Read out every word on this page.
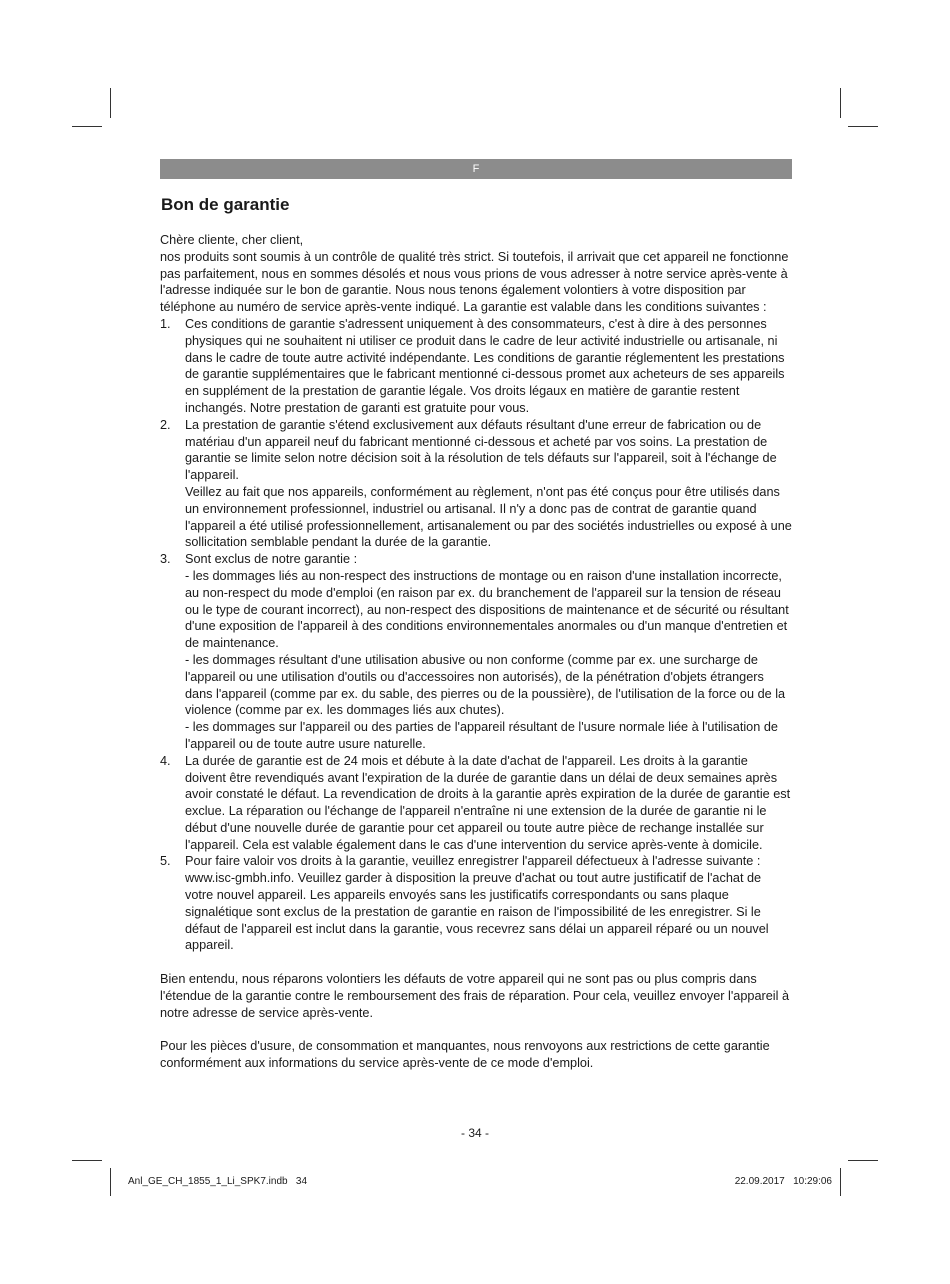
F
Bon de garantie

Chère cliente, cher client,

nos produits sont soumis à un contrôle de qualité très strict. Si toutefois, il arrivait que cet appareil ne fonctionne pas parfaitement, nous en sommes désolés et nous vous prions de vous adresser à notre service après-vente à l'adresse indiquée sur le bon de garantie. Nous nous tenons également volontiers à votre disposition par téléphone au numéro de service après-vente indiqué. La garantie est valable dans les conditions suivantes :

1. Ces conditions de garantie s'adressent uniquement à des consommateurs, c'est à dire à des personnes physiques qui ne souhaitent ni utiliser ce produit dans le cadre de leur activité industrielle ou artisanale, ni dans le cadre de toute autre activité indépendante. Les conditions de garantie réglementent les prestations de garantie supplémentaires que le fabricant mentionné ci-dessous promet aux acheteurs de ses appareils en supplément de la prestation de garantie légale. Vos droits légaux en matière de garantie restent inchangés. Notre prestation de garanti est gratuite pour vous.

2. La prestation de garantie s'étend exclusivement aux défauts résultant d'une erreur de fabrication ou de matériau d'un appareil neuf du fabricant mentionné ci-dessous et acheté par vos soins. La prestation de garantie se limite selon notre décision soit à la résolution de tels défauts sur l'appareil, soit à l'échange de l'appareil.

Veillez au fait que nos appareils, conformément au règlement, n'ont pas été conçus pour être utilisés dans un environnement professionnel, industriel ou artisanal. Il n'y a donc pas de contrat de garantie quand l'appareil a été utilisé professionnellement, artisanalement ou par des sociétés industrielles ou exposé à une sollicitation semblable pendant la durée de la garantie.

3. Sont exclus de notre garantie :

- les dommages liés au non-respect des instructions de montage ou en raison d'une installation incorrecte, au non-respect du mode d'emploi (en raison par ex. du branchement de l'appareil sur la tension de réseau ou le type de courant incorrect), au non-respect des dispositions de maintenance et de sécurité ou résultant d'une exposition de l'appareil à des conditions environnementales anormales ou d'un manque d'entretien et de maintenance.

- les dommages résultant d'une utilisation abusive ou non conforme (comme par ex. une surcharge de l'appareil ou une utilisation d'outils ou d'accessoires non autorisés), de la pénétration d'objets étrangers dans l'appareil (comme par ex. du sable, des pierres ou de la poussière), de l'utilisation de la force ou de la violence (comme par ex. les dommages liés aux chutes).

- les dommages sur l'appareil ou des parties de l'appareil résultant de l'usure normale liée à l'utilisation de l'appareil ou de toute autre usure naturelle.

4. La durée de garantie est de 24 mois et débute à la date d'achat de l'appareil. Les droits à la garantie doivent être revendiqués avant l'expiration de la durée de garantie dans un délai de deux semaines après avoir constaté le défaut. La revendication de droits à la garantie après expiration de la durée de garantie est exclue. La réparation ou l'échange de l'appareil n'entraîne ni une extension de la durée de garantie ni le début d'une nouvelle durée de garantie pour cet appareil ou toute autre pièce de rechange installée sur l'appareil. Cela est valable également dans le cas d'une intervention du service après-vente à domicile.

5. Pour faire valoir vos droits à la garantie, veuillez enregistrer l'appareil défectueux à l'adresse suivante : www.isc-gmbh.info. Veuillez garder à disposition la preuve d'achat ou tout autre justificatif de l'achat de votre nouvel appareil. Les appareils envoyés sans les justificatifs correspondants ou sans plaque signalétique sont exclus de la prestation de garantie en raison de l'impossibilité de les enregistrer. Si le défaut de l'appareil est inclut dans la garantie, vous recevrez sans délai un appareil réparé ou un nouvel appareil.

Bien entendu, nous réparons volontiers les défauts de votre appareil qui ne sont pas ou plus compris dans l'étendue de la garantie contre le remboursement des frais de réparation. Pour cela, veuillez envoyer l'appareil à notre adresse de service après-vente.

Pour les pièces d'usure, de consommation et manquantes, nous renvoyons aux restrictions de cette garantie conformément aux informations du service après-vente de ce mode d'emploi.

- 34 -
Anl_GE_CH_1855_1_Li_SPK7.indb   34	22.09.2017   10:29:06
